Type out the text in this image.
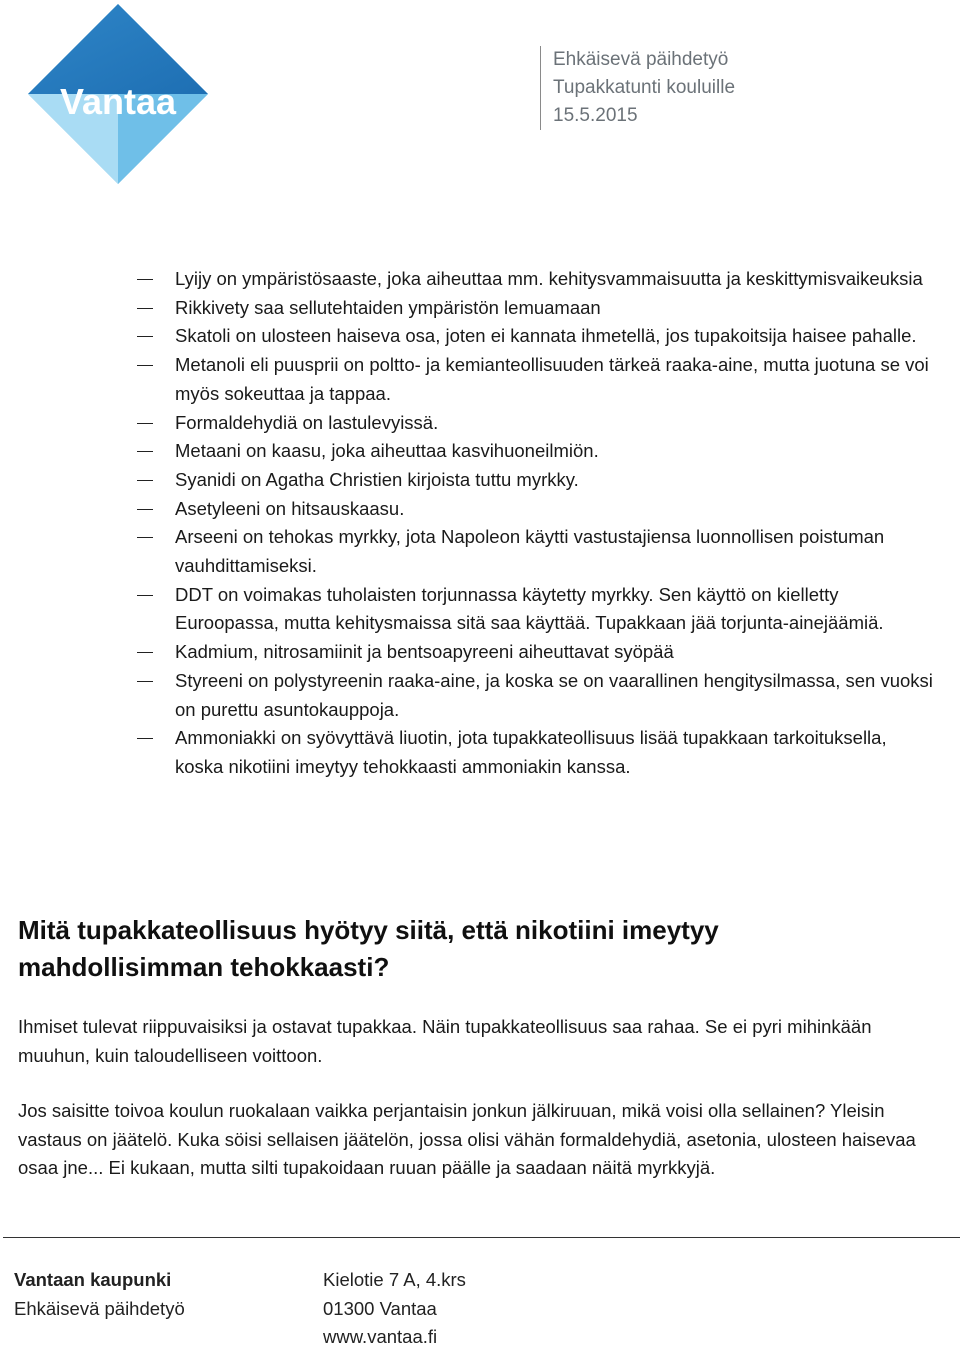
Vantaa
Ehkäisevä päihdetyö
Tupakkatunti kouluille
15.5.2015
Lyijy on ympäristösaaste, joka aiheuttaa mm. kehitysvammaisuutta ja keskittymisvaikeuksia
Rikkivety saa sellutehtaiden ympäristön lemuamaan
Skatoli on ulosteen haiseva osa, joten ei kannata ihmetellä, jos tupakoitsija haisee pahalle.
Metanoli eli puusprii on poltto- ja kemianteollisuuden tärkeä raaka-aine, mutta juotuna se voi myös sokeuttaa ja tappaa.
Formaldehydiä on lastulevyissä.
Metaani on kaasu, joka aiheuttaa kasvihuoneilmiön.
Syanidi on Agatha Christien kirjoista tuttu myrkky.
Asetyleeni on hitsauskaasu.
Arseeni on tehokas myrkky, jota Napoleon käytti vastustajiensa luonnollisen poistuman vauhdittamiseksi.
DDT on voimakas tuholaisten torjunnassa käytetty myrkky. Sen käyttö on kielletty Euroopassa, mutta kehitysmaissa sitä saa käyttää. Tupakkaan jää torjunta-ainejäämiä.
Kadmium, nitrosamiinit ja bentsoapyreeni aiheuttavat syöpää
Styreeni on polystyreenin raaka-aine, ja koska se on vaarallinen hengitysilmassa, sen vuoksi on purettu asuntokauppoja.
Ammoniakki on syövyttävä liuotin, jota tupakkateollisuus lisää tupakkaan tarkoituksella, koska nikotiini imeytyy tehokkaasti ammoniakin kanssa.
Mitä tupakkateollisuus hyötyy siitä, että nikotiini imeytyy mahdollisimman tehokkaasti?

Ihmiset tulevat riippuvaisiksi ja ostavat tupakkaa. Näin tupakkateollisuus saa rahaa. Se ei pyri mihinkään muuhun, kuin taloudelliseen voittoon.

Jos saisitte toivoa koulun ruokalaan vaikka perjantaisin jonkun jälkiruuan, mikä voisi olla sellainen? Yleisin vastaus on jäätelö. Kuka söisi sellaisen jäätelön, jossa olisi vähän formaldehydiä, asetonia, ulosteen haisevaa osaa jne... Ei kukaan, mutta silti tupakoidaan ruuan päälle ja saadaan näitä myrkkyjä.

Vantaan kaupunki
Ehkäisevä päihdetyö
Kielotie 7 A, 4.krs
01300 Vantaa
www.vantaa.fi
